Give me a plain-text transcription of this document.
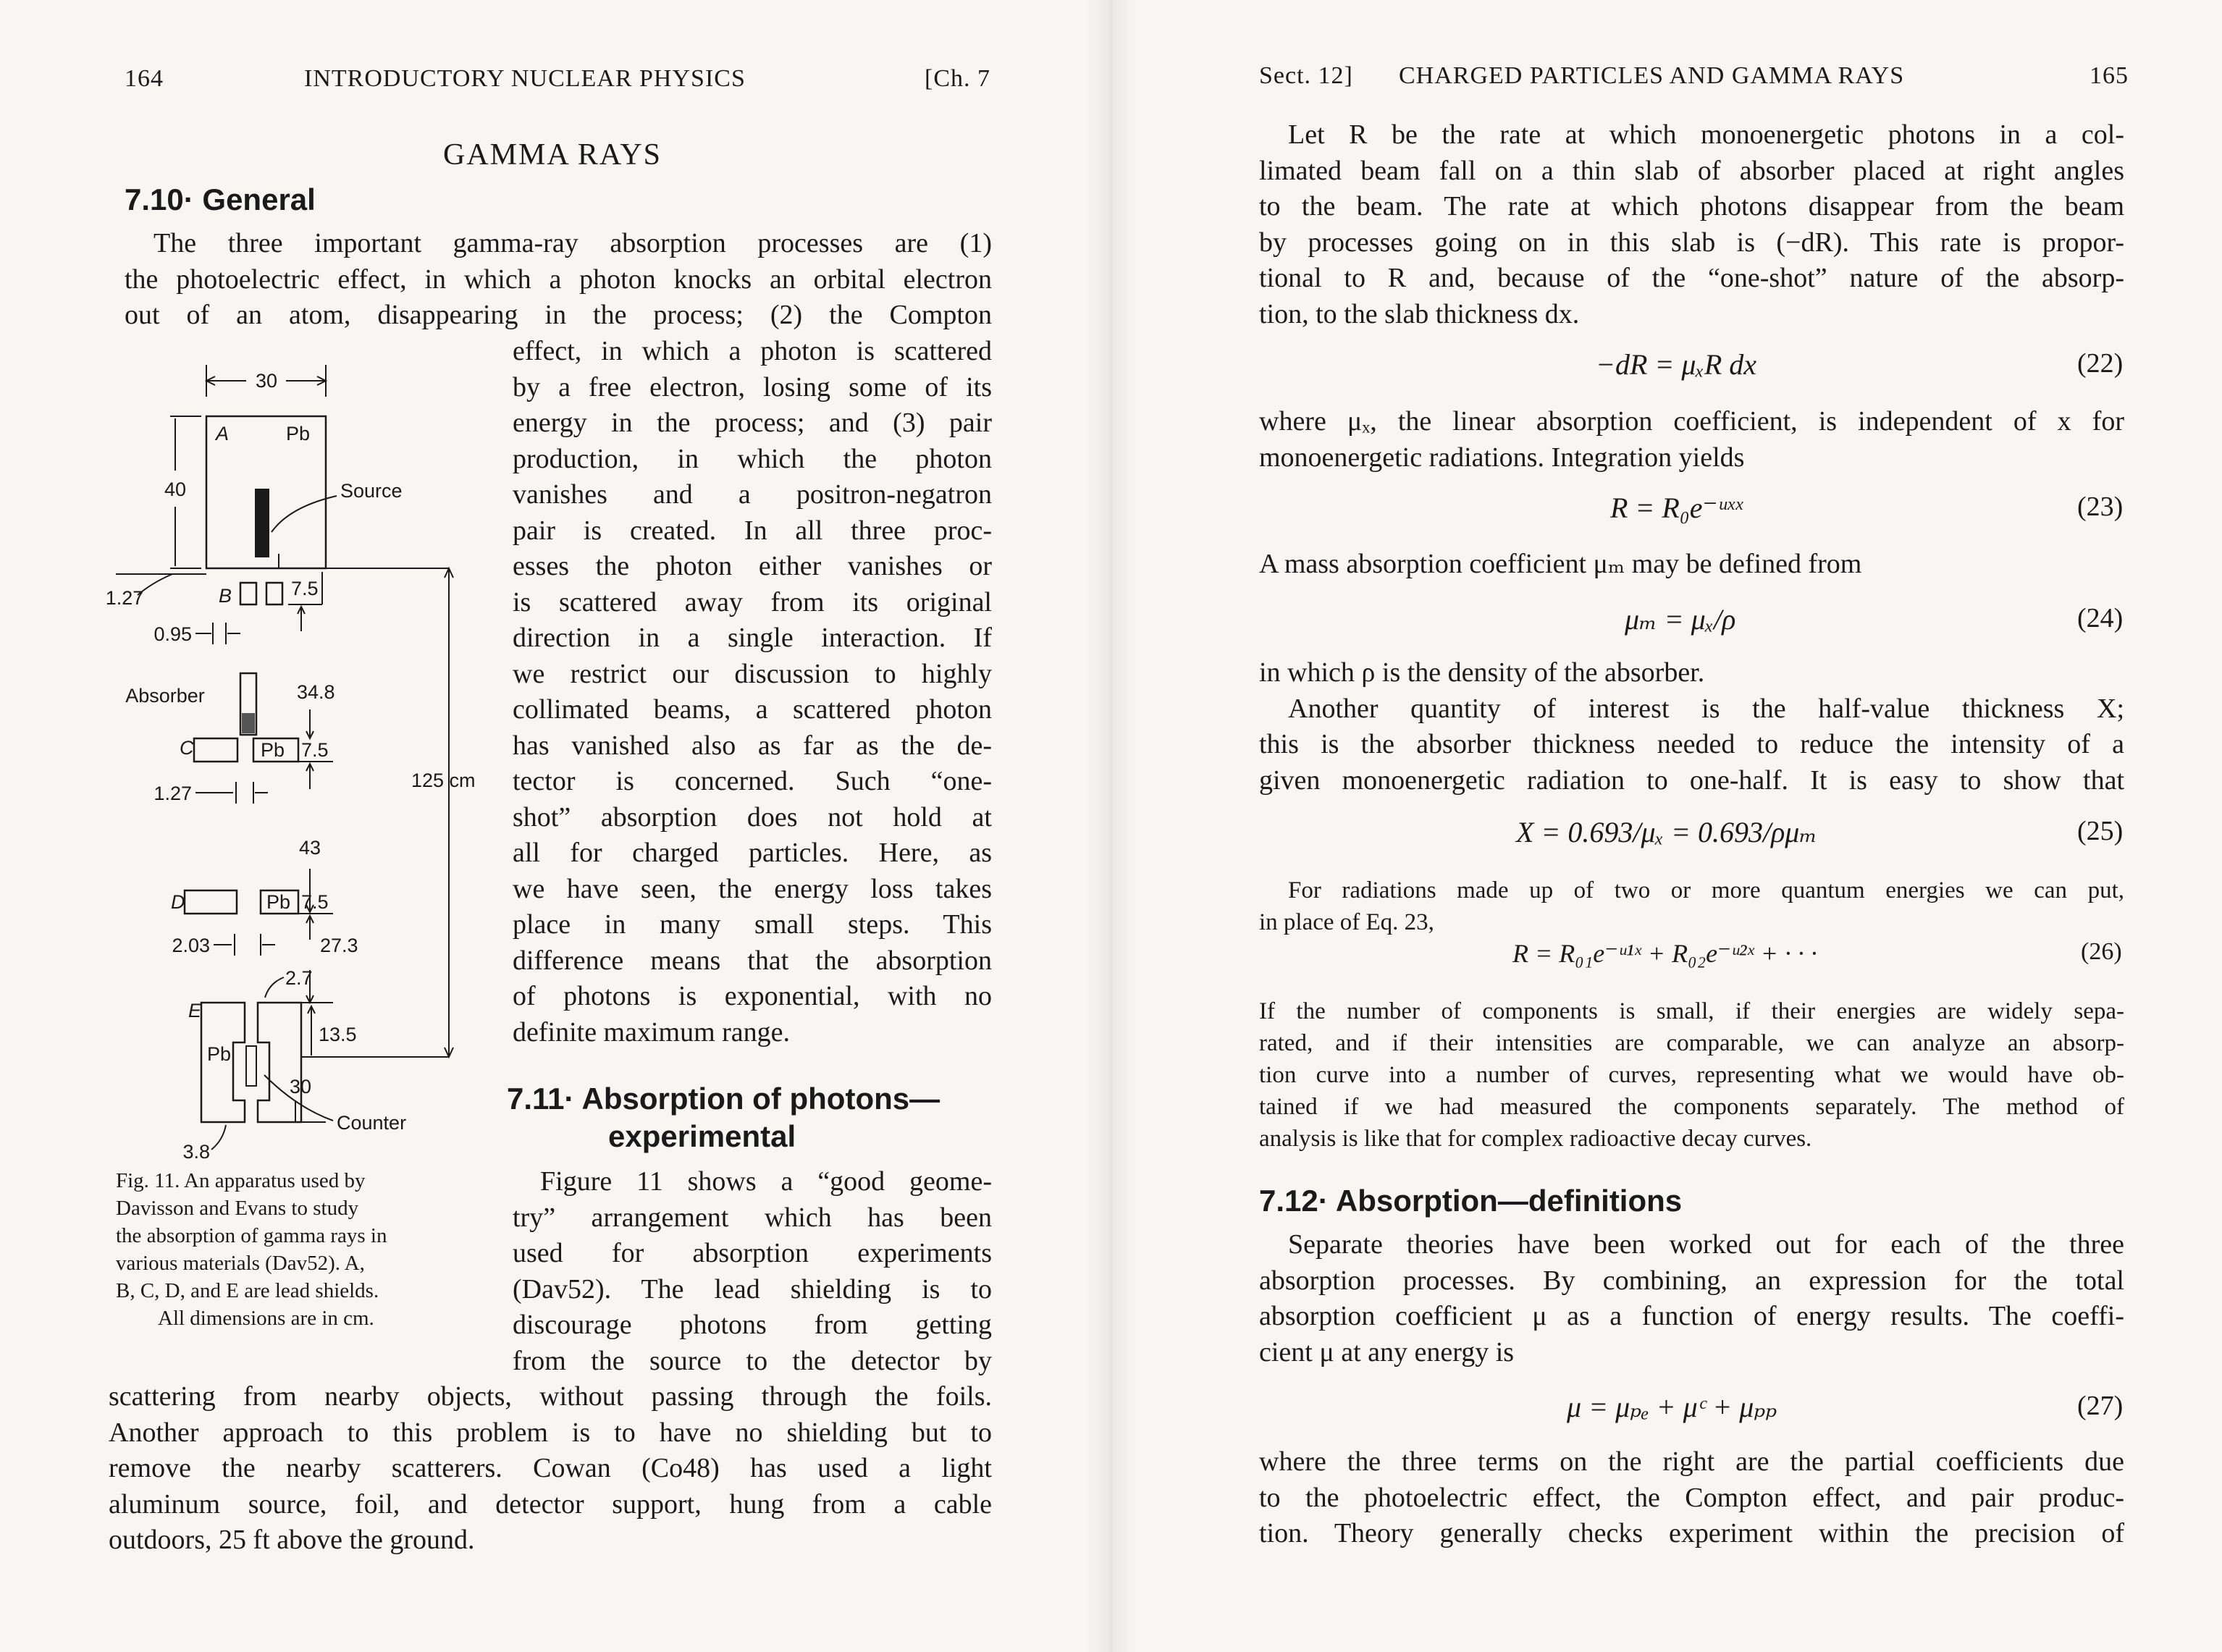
164	INTRODUCTORY NUCLEAR PHYSICS	[Ch. 7
GAMMA RAYS
7.10· General
The three important gamma-ray absorption processes are (1)
the photoelectric effect, in which a photon knocks an orbital electron
out of an atom, disappearing in the process; (2) the Compton
effect, in which a photon is scattered
by a free electron, losing some of its
energy in the process; and (3) pair
production, in which the photon
vanishes and a positron-negatron
pair is created. In all three proc-
esses the photon either vanishes or
is scattered away from its original
direction in a single interaction. If
we restrict our discussion to highly
collimated beams, a scattered photon
has vanished also as far as the de-
tector is concerned. Such “one-
shot” absorption does not hold at
all for charged particles. Here, as
we have seen, the energy loss takes
place in many small steps. This
difference means that the absorption
of photons is exponential, with no
definite maximum range.
7.11· Absorption of photons—
experimental
Figure 11 shows a “good geome-
try” arrangement which has been
used for absorption experiments
(Dav52). The lead shielding is to
discourage photons from getting
from the source to the detector by
scattering from nearby objects, without passing through the foils.
Another approach to this problem is to have no shielding but to
remove the nearby scatterers. Cowan (Co48) has used a light
aluminum source, foil, and detector support, hung from a cable
outdoors, 25 ft above the ground.
30
A	Pb
Source
40
125 cm
1.27	B	7.5
0.95
Absorber	34.8
C	Pb 7.5
1.27
43
D	Pb 7.5
27.3
2.03
2.7
E
Pb
13.5
30
Counter
3.8
Fig. 11. An apparatus used by
Davisson and Evans to study
the absorption of gamma rays in
various materials (Dav52). A,
B, C, D, and E are lead shields.
All dimensions are in cm.
Sect. 12] CHARGED PARTICLES AND GAMMA RAYS	165
Let R be the rate at which monoenergetic photons in a col-
limated beam fall on a thin slab of absorber placed at right angles
to the beam. The rate at which photons disappear from the beam
by processes going on in this slab is (−dR). This rate is propor-
tional to R and, because of the “one-shot” nature of the absorp-
tion, to the slab thickness dx.
−dR = μₓR dx	(22)
where μₓ, the linear absorption coefficient, is independent of x for
monoenergetic radiations. Integration yields
R = R₀e⁻ᵘˣˣ	(23)
A mass absorption coefficient μₘ may be defined from
μₘ = μₓ/ρ	(24)
in which ρ is the density of the absorber.
Another quantity of interest is the half-value thickness X;
this is the absorber thickness needed to reduce the intensity of a
given monoenergetic radiation to one-half. It is easy to show that
X = 0.693/μₓ = 0.693/ρμₘ	(25)
For radiations made up of two or more quantum energies we can put,
in place of Eq. 23,
R = R₀₁e⁻ᵘ¹ˣ + R₀₂e⁻ᵘ²ˣ + · · ·	(26)
If the number of components is small, if their energies are widely sepa-
rated, and if their intensities are comparable, we can analyze an absorp-
tion curve into a number of curves, representing what we would have ob-
tained if we had measured the components separately. The method of
analysis is like that for complex radioactive decay curves.
7.12· Absorption—definitions
Separate theories have been worked out for each of the three
absorption processes. By combining, an expression for the total
absorption coefficient μ as a function of energy results. The coeffi-
cient μ at any energy is
μ = μₚₑ + μᶜ + μₚₚ	(27)
where the three terms on the right are the partial coefficients due
to the photoelectric effect, the Compton effect, and pair produc-
tion. Theory generally checks experiment within the precision of
